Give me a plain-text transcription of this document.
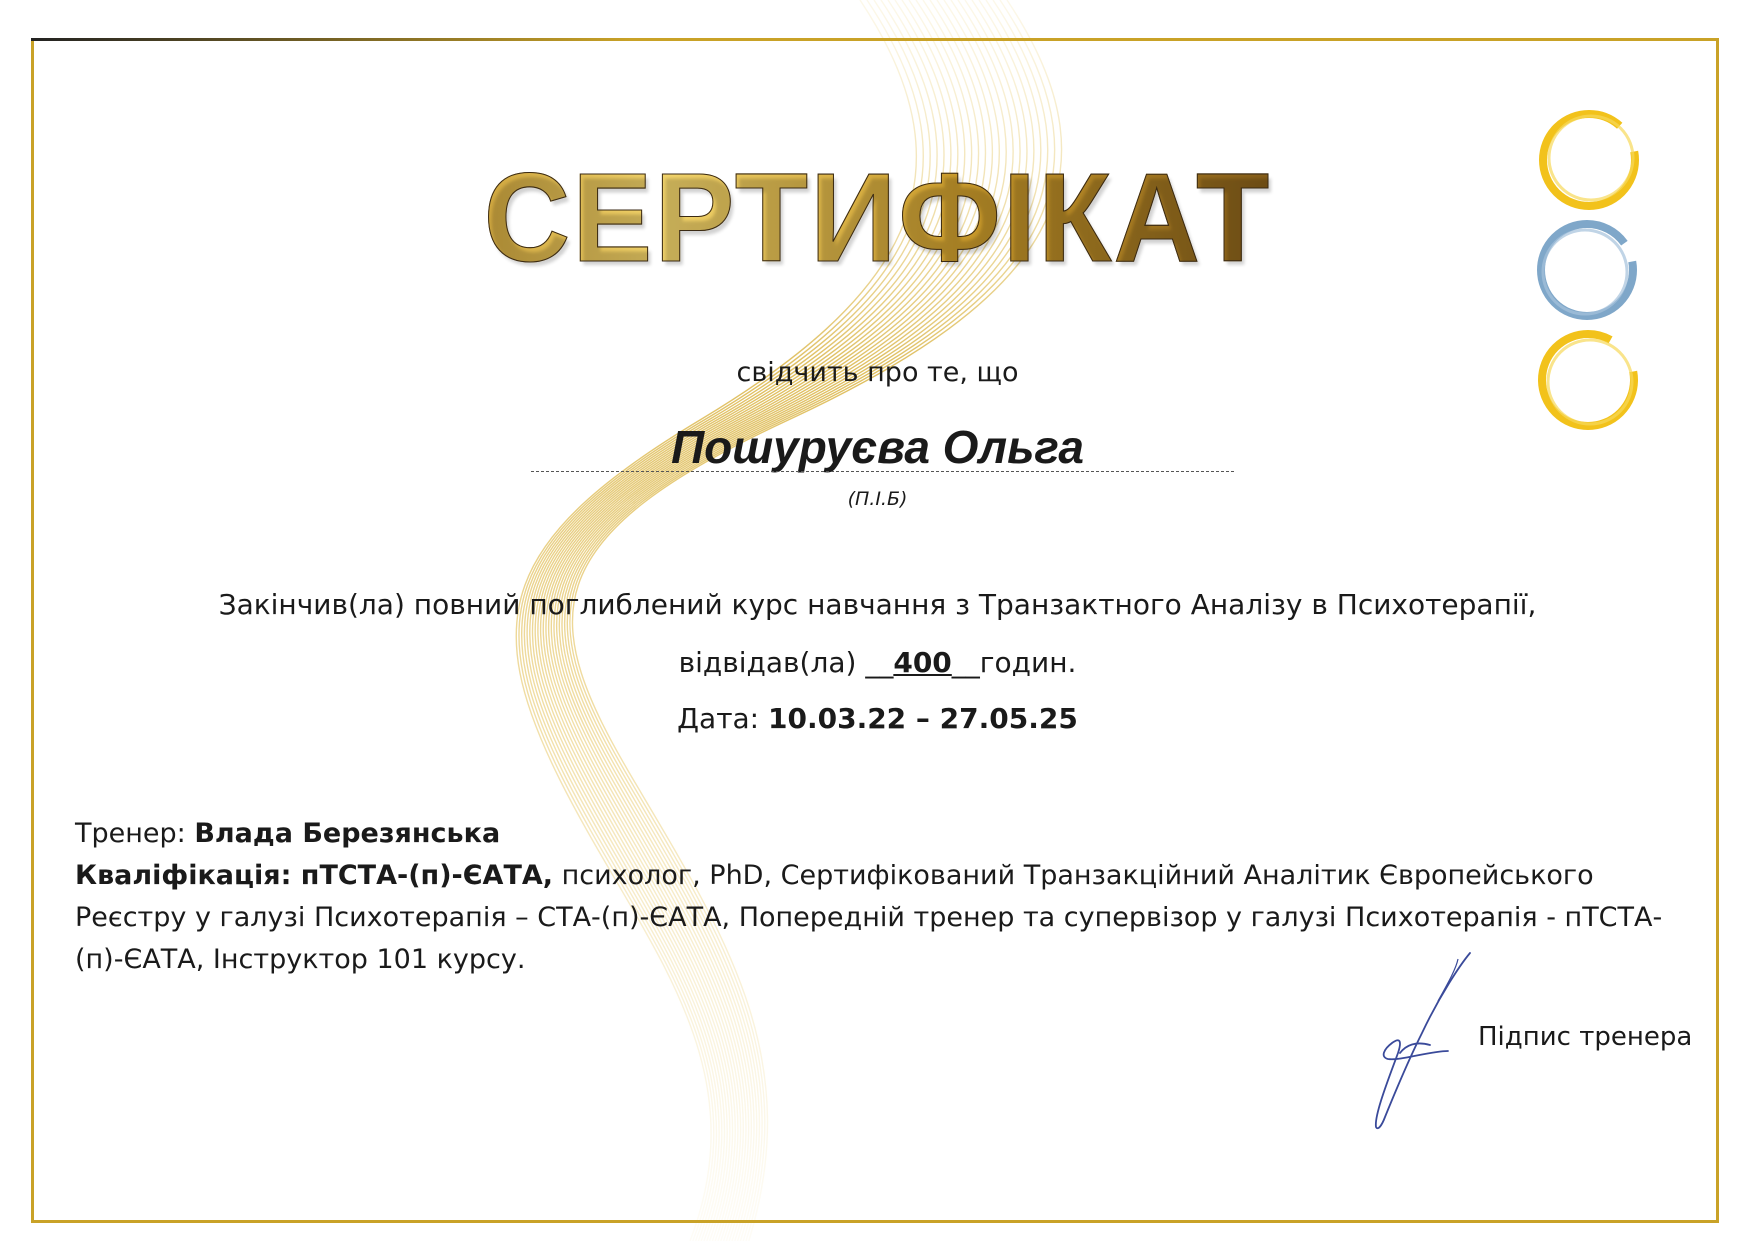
СЕРТИФІКАТ
свідчить про те, що
Пошуруєва Ольга
(П.І.Б)
Закінчив(ла) повний поглиблений курс навчання з Транзактного Аналізу в Психотерапії,
відвідав(ла) __400__годин.
Дата: 10.03.22 – 27.05.25
Тренер: Влада Березянська
Кваліфікація: пТСТА-(п)-ЄАТА, психолог, PhD, Сертифікований Транзакційний Аналітик Європейського Реєстру у галузі Психотерапія – СТА-(п)-ЄАТА, Попередній тренер та супервізор у галузі Психотерапія - пТСТА-(п)-ЄАТА, Інструктор 101 курсу.
Підпис тренера
